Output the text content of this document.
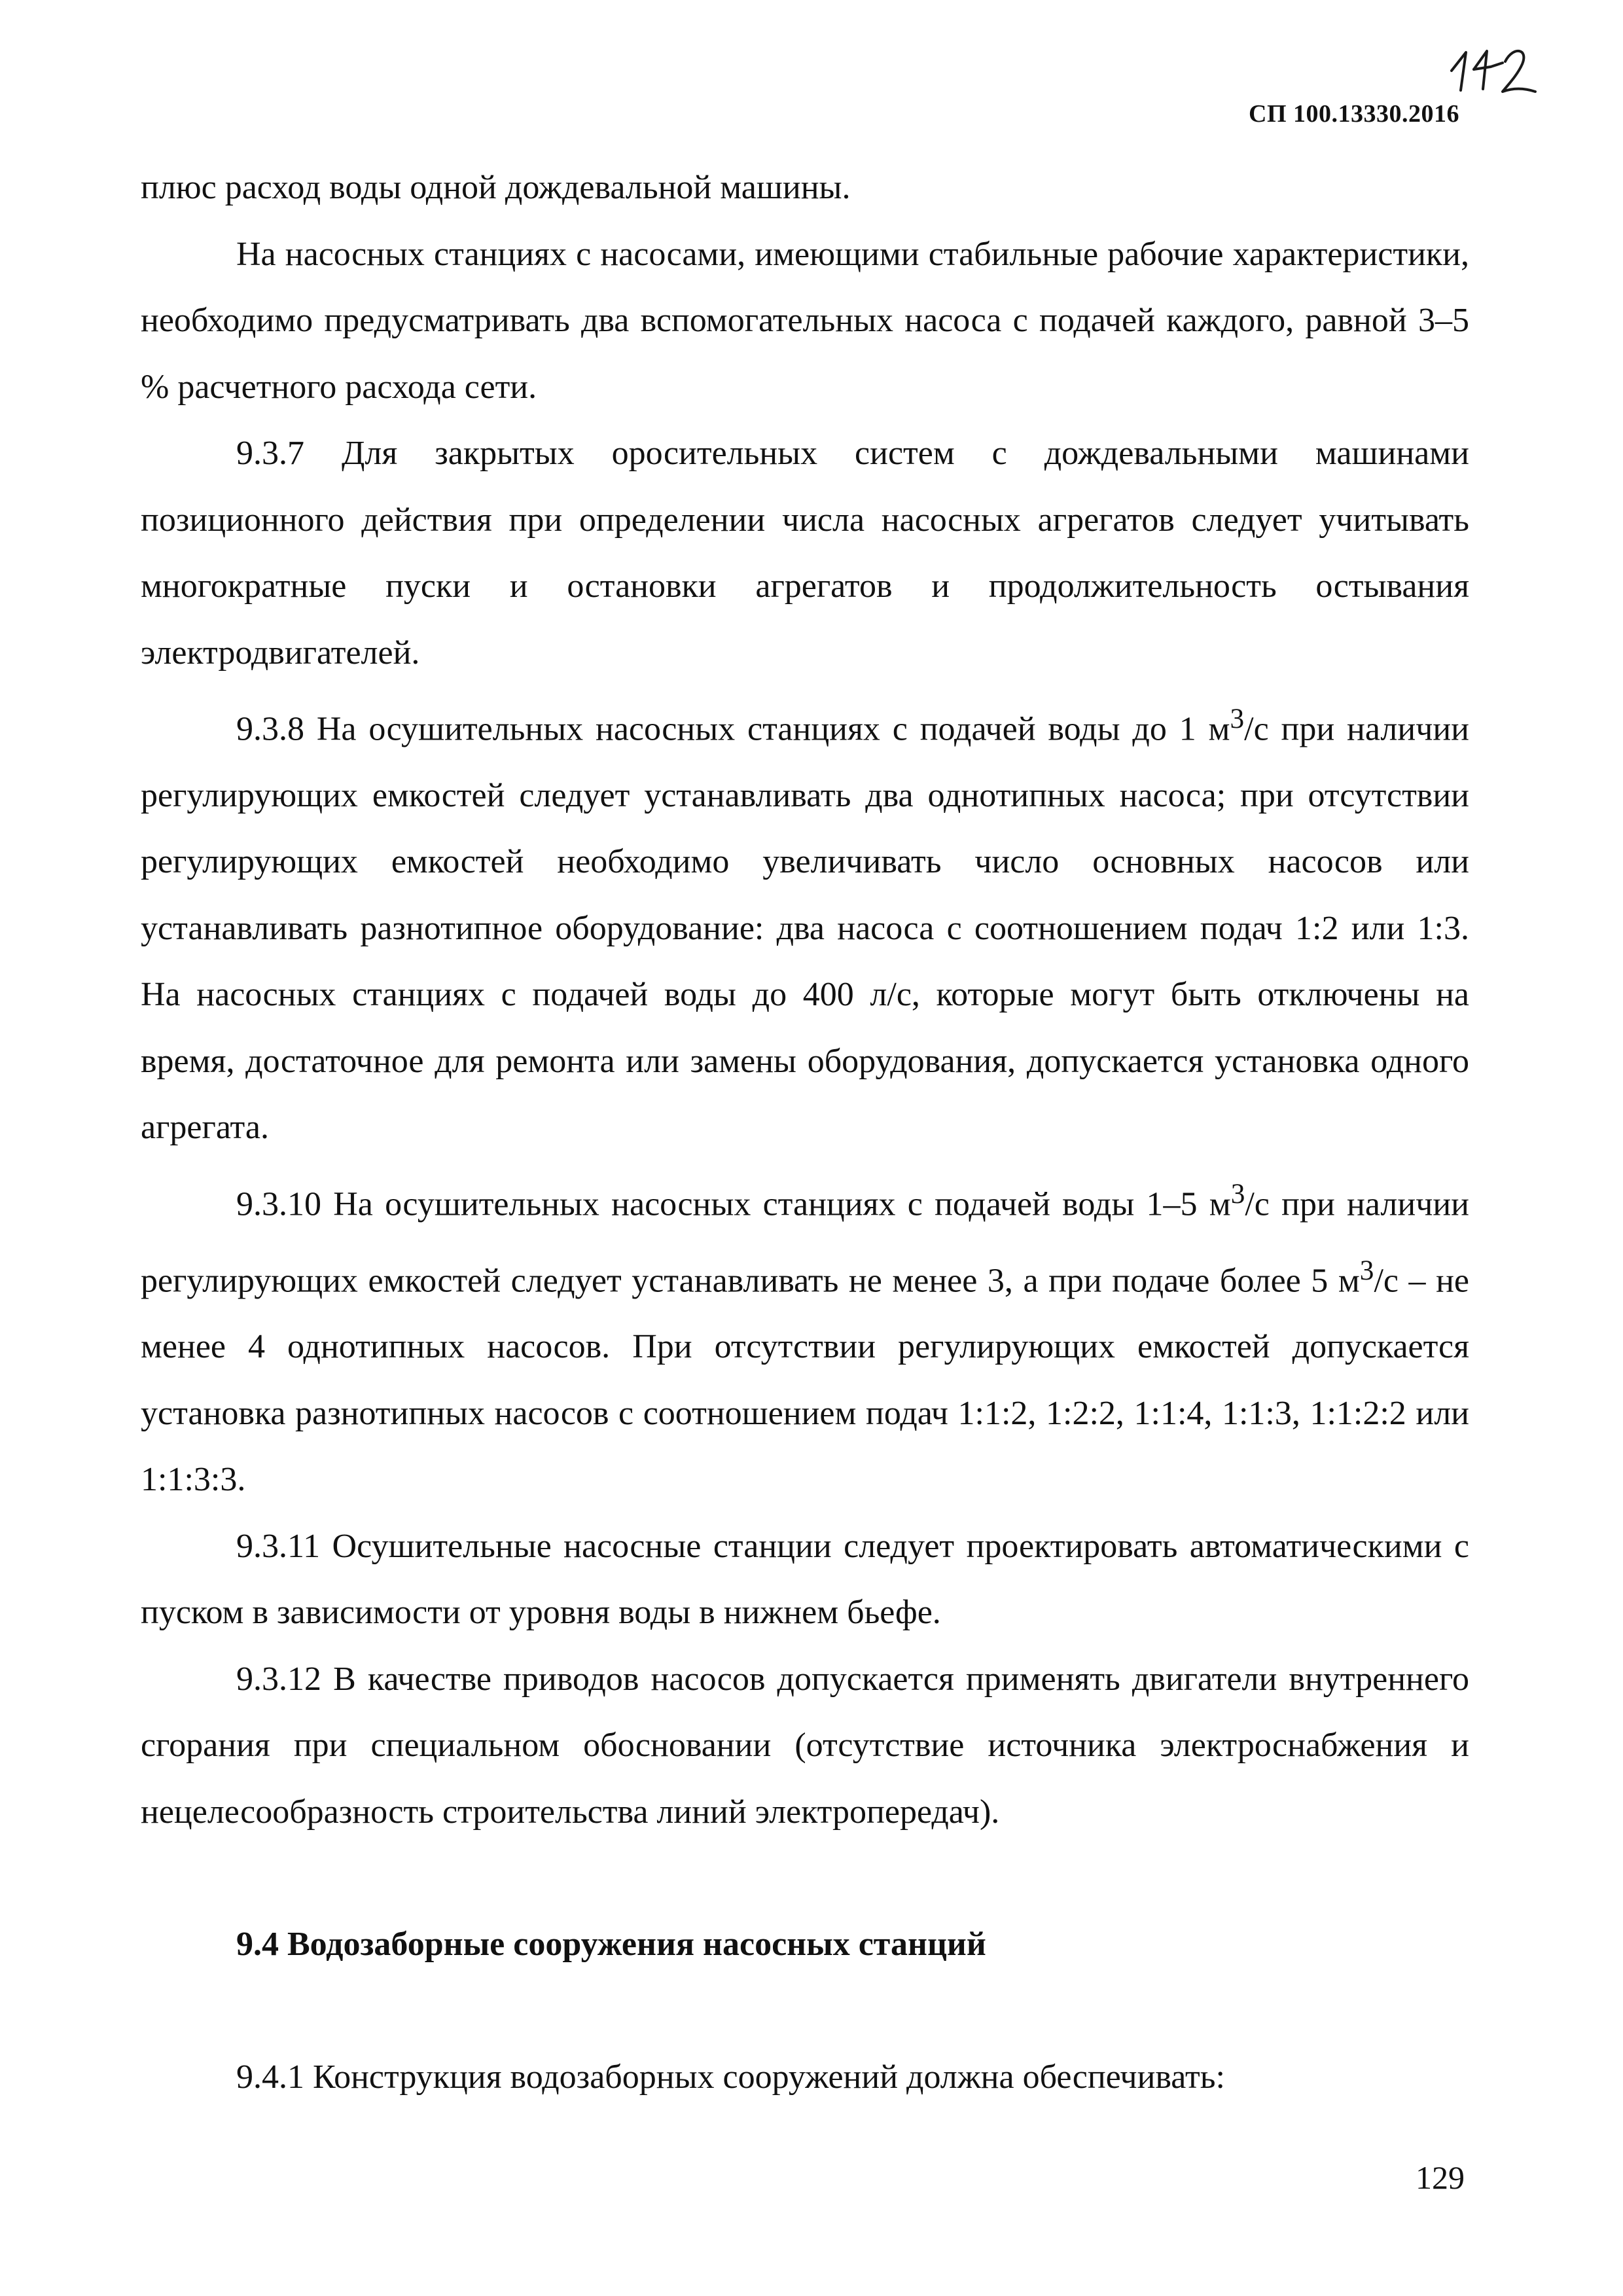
СП 100.13330.2016

плюс расход воды одной дождевальной машины.

На насосных станциях с насосами, имеющими стабильные рабочие характеристики, необходимо предусматривать два вспомогательных насоса с подачей каждого, равной 3–5 % расчетного расхода сети.

9.3.7 Для закрытых оросительных систем с дождевальными машинами позиционного действия при определении числа насосных агрегатов следует учитывать многократные пуски и остановки агрегатов и продолжительность остывания электродвигателей.

9.3.8 На осушительных насосных станциях с подачей воды до 1 $м^3/с$ при наличии регулирующих емкостей следует устанавливать два однотипных насоса; при отсутствии регулирующих емкостей необходимо увеличивать число основных насосов или устанавливать разнотипное оборудование: два насоса с соотношением подач 1:2 или 1:3. На насосных станциях с подачей воды до 400 л/с, которые могут быть отключены на время, достаточное для ремонта или замены оборудования, допускается установка одного агрегата.

9.3.10 На осушительных насосных станциях с подачей воды 1–5 $м^3/с$ при наличии регулирующих емкостей следует устанавливать не менее 3, а при подаче более 5 $м^3/с$ – не менее 4 однотипных насосов. При отсутствии регулирующих емкостей допускается установка разнотипных насосов с соотношением подач 1:1:2, 1:2:2, 1:1:4, 1:1:3, 1:1:2:2 или 1:1:3:3.

9.3.11 Осушительные насосные станции следует проектировать автоматическими с пуском в зависимости от уровня воды в нижнем бьефе.

9.3.12 В качестве приводов насосов допускается применять двигатели внутреннего сгорания при специальном обосновании (отсутствие источника электроснабжения и нецелесообразность строительства линий электропередач).

9.4 Водозаборные сооружения насосных станций

9.4.1 Конструкция водозаборных сооружений должна обеспечивать:

129
